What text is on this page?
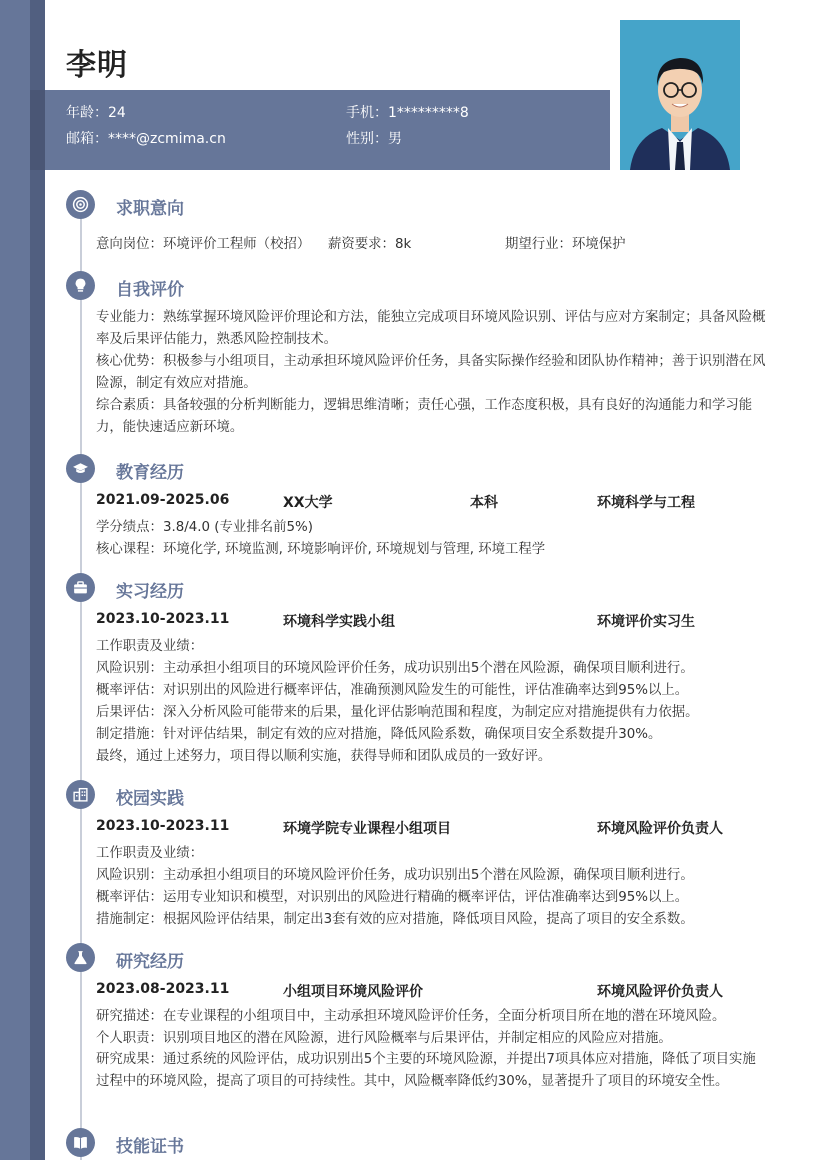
李明
年龄：24	手机：1*********8
邮箱：****@zcmima.cn	性别：男
求职意向
意向岗位：环境评价工程师（校招） 薪资要求：8k	期望行业：环境保护
自我评价
专业能力：熟练掌握环境风险评价理论和方法，能独立完成项目环境风险识别、评估与应对方案制定；具备风险概率及后果评估能力，熟悉风险控制技术。
核心优势：积极参与小组项目，主动承担环境风险评价任务，具备实际操作经验和团队协作精神；善于识别潜在风险源，制定有效应对措施。
综合素质：具备较强的分析判断能力，逻辑思维清晰；责任心强，工作态度积极，具有良好的沟通能力和学习能力，能快速适应新环境。
教育经历
2021.09-2025.06	XX大学	本科	环境科学与工程
学分绩点：3.8/4.0 (专业排名前5%)
核心课程：环境化学, 环境监测, 环境影响评价, 环境规划与管理, 环境工程学
实习经历
2023.10-2023.11	环境科学实践小组	环境评价实习生
工作职责及业绩：
风险识别：主动承担小组项目的环境风险评价任务，成功识别出5个潜在风险源，确保项目顺利进行。
概率评估：对识别出的风险进行概率评估，准确预测风险发生的可能性，评估准确率达到95%以上。
后果评估：深入分析风险可能带来的后果，量化评估影响范围和程度，为制定应对措施提供有力依据。
制定措施：针对评估结果，制定有效的应对措施，降低风险系数，确保项目安全系数提升30%。
最终，通过上述努力，项目得以顺利实施，获得导师和团队成员的一致好评。
校园实践
2023.10-2023.11	环境学院专业课程小组项目	环境风险评价负责人
工作职责及业绩：
风险识别：主动承担小组项目的环境风险评价任务，成功识别出5个潜在风险源，确保项目顺利进行。
概率评估：运用专业知识和模型，对识别出的风险进行精确的概率评估，评估准确率达到95%以上。
措施制定：根据风险评估结果，制定出3套有效的应对措施，降低项目风险，提高了项目的安全系数。
研究经历
2023.08-2023.11	小组项目环境风险评价	环境风险评价负责人
研究描述：在专业课程的小组项目中，主动承担环境风险评价任务，全面分析项目所在地的潜在环境风险。
个人职责：识别项目地区的潜在风险源，进行风险概率与后果评估，并制定相应的风险应对措施。
研究成果：通过系统的风险评估，成功识别出5个主要的环境风险源，并提出7项具体应对措施，降低了项目实施过程中的环境风险，提高了项目的可持续性。其中，风险概率降低约30%，显著提升了项目的环境安全性。
技能证书
